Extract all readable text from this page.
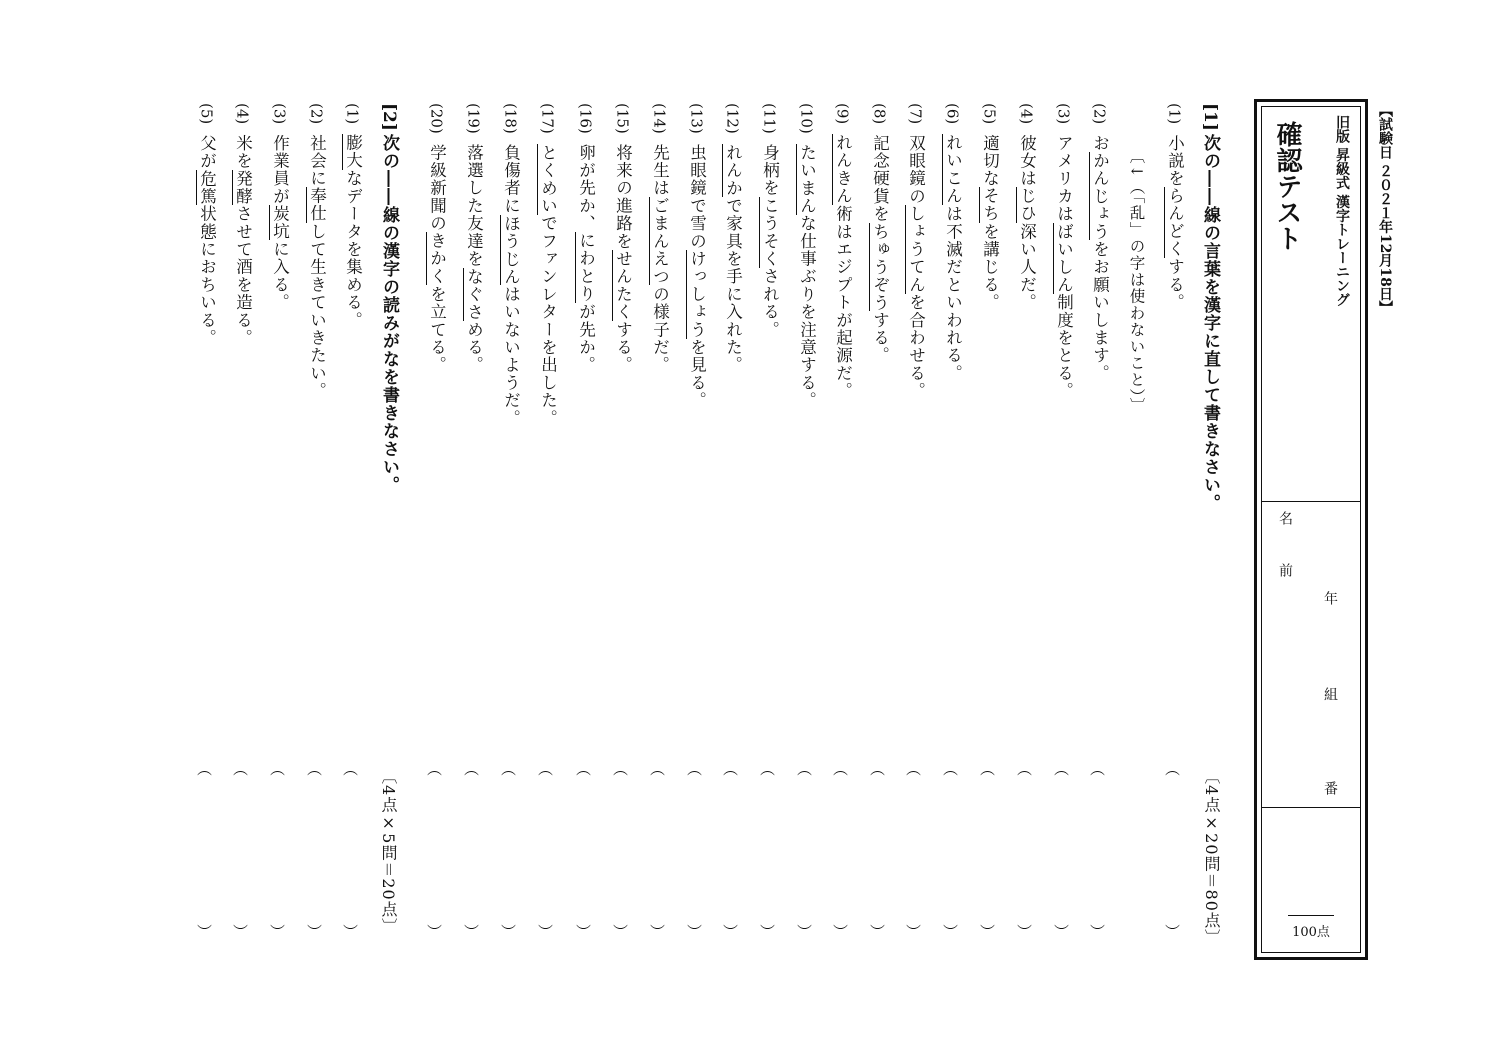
【試験日 ２０２１年12月18日】
旧版 昇級式 漢字トレーニング
確認テスト
名　前
年
組
番
100点
[1]
次の――線の言葉を漢字に直して書きなさい。
〔4点×20問＝80点〕
(1)小説をらんどくする。
︵
︶
(2)おかんじょうをお願いします。
︵
︶
(3)アメリカはばいしん制度をとる。
︵
︶
(4)彼女はじひ深い人だ。
︵
︶
(5)適切なそちを講じる。
︵
︶
(6)れいこんは不滅だといわれる。
︵
︶
(7)双眼鏡のしょうてんを合わせる。
︵
︶
(8)記念硬貨をちゅうぞうする。
︵
︶
(9)れんきん術はエジプトが起源だ。
︵
︶
(10)たいまんな仕事ぶりを注意する。
︵
︶
(11)身柄をこうそくされる。
︵
︶
(12)れんかで家具を手に入れた。
︵
︶
(13)虫眼鏡で雪のけっしょうを見る。
︵
︶
(14)先生はごまんえつの様子だ。
︵
︶
(15)将来の進路をせんたくする。
︵
︶
(16)卵が先か、にわとりが先か。
︵
︶
(17)とくめいでファンレターを出した。
︵
︶
(18)負傷者にほうじんはいないようだ。
︵
︶
(19)落選した友達をなぐさめる。
︵
︶
(20)学級新聞のきかくを立てる。
︵
︶
〔↓（「乱」の字は使わないこと）〕
[2]
次の――線の漢字の読みがなを書きなさい。
〔4点×5問＝20点〕
(1)膨大なデータを集める。
︵
︶
(2)社会に奉仕して生きていきたい。
︵
︶
(3)作業員が炭坑に入る。
︵
︶
(4)米を発酵させて酒を造る。
︵
︶
(5)父が危篤状態におちいる。
︵
︶
